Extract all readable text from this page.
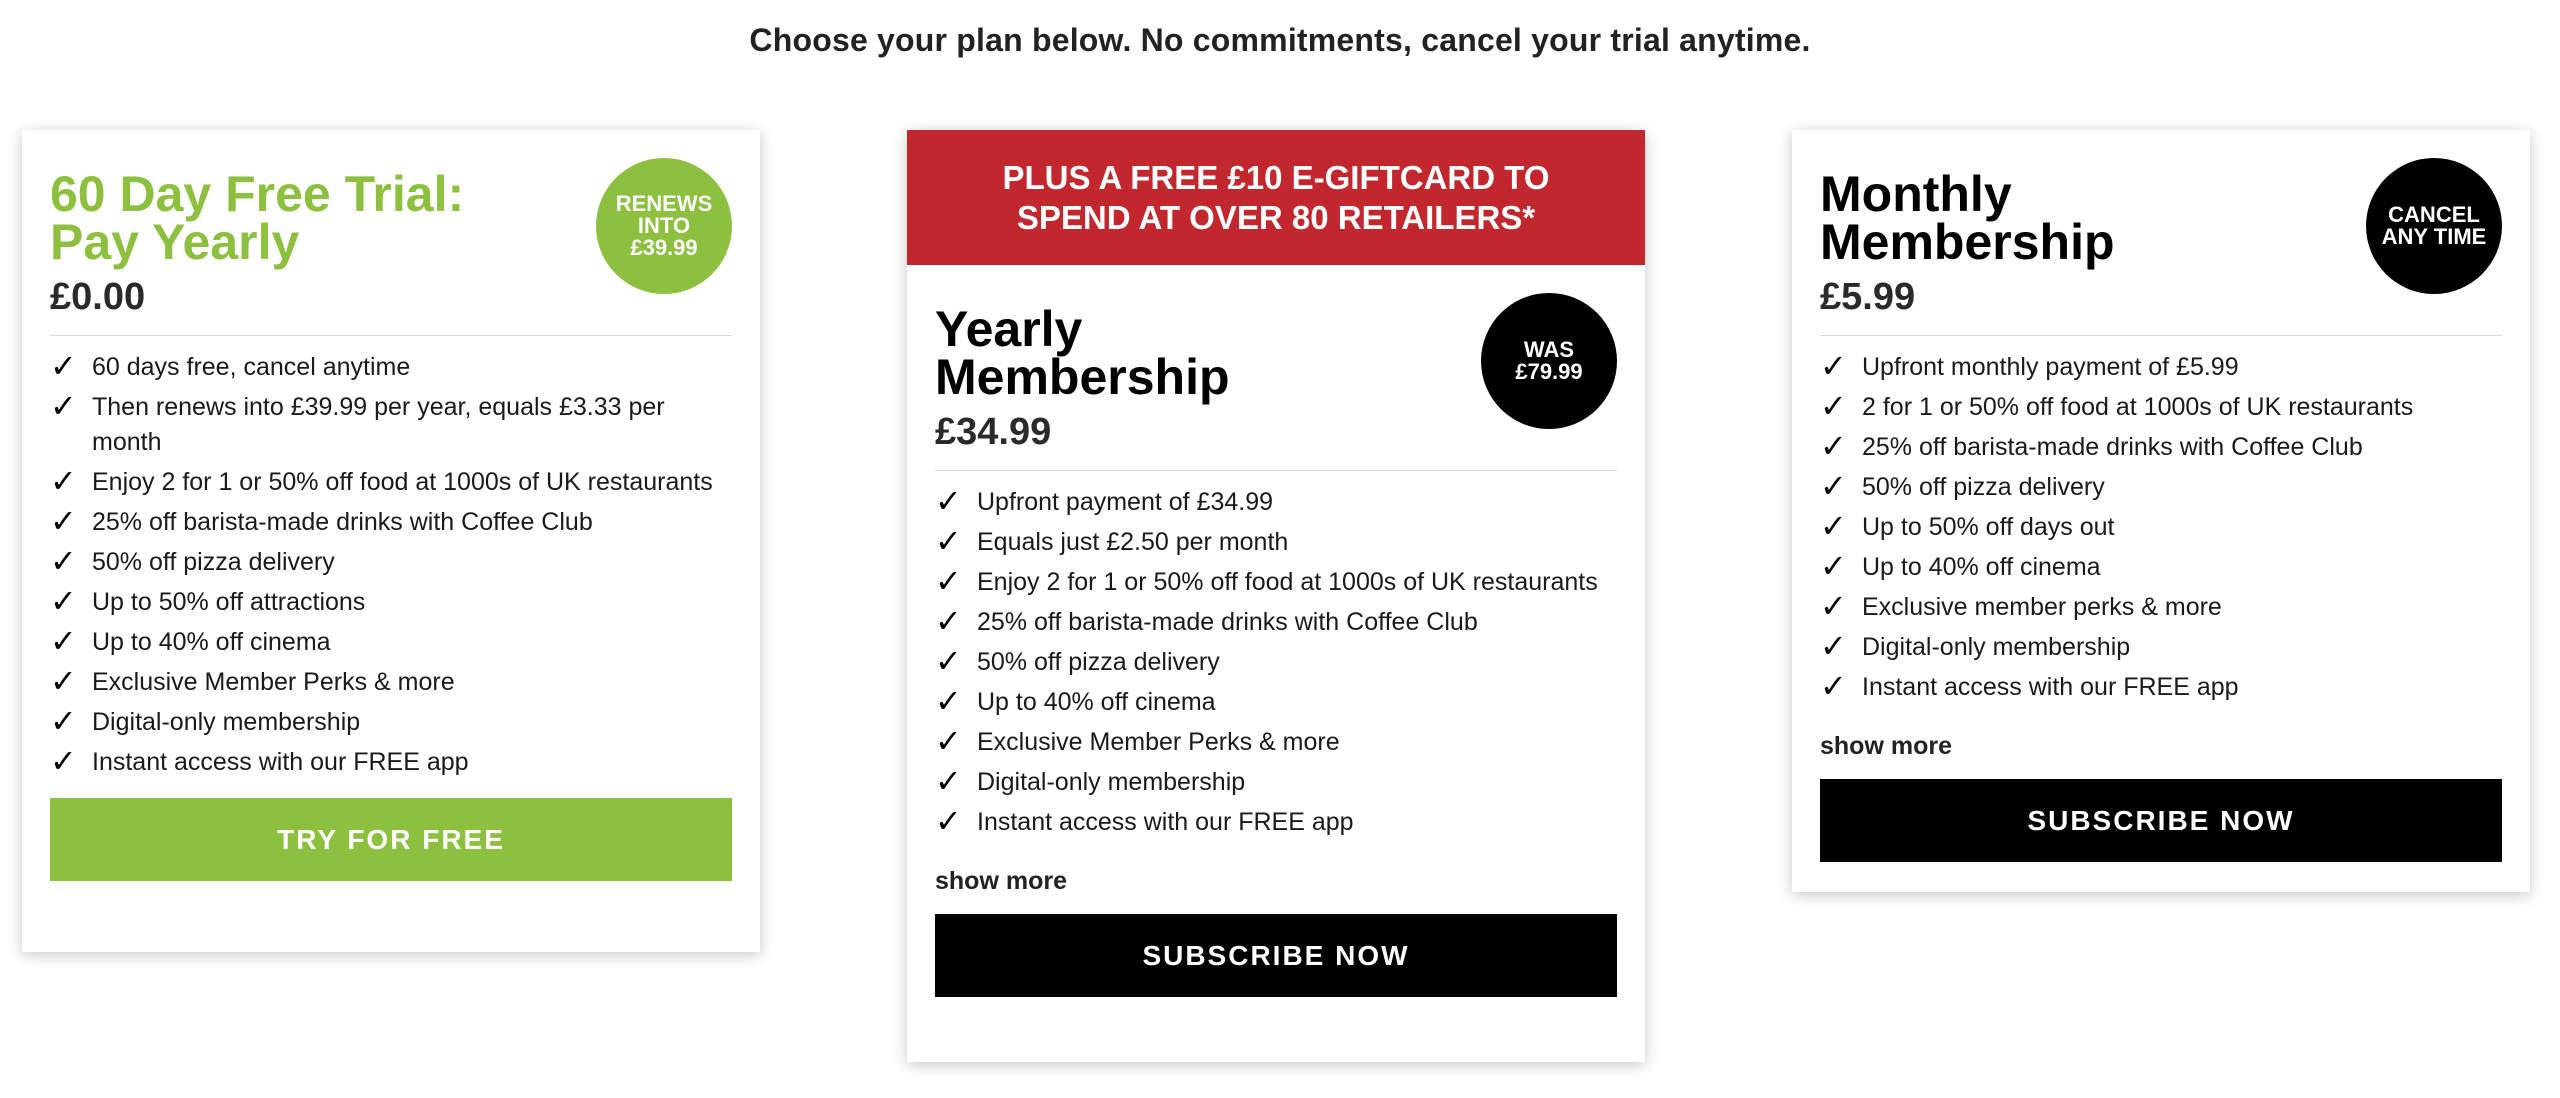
Choose your plan below. No commitments, cancel your trial anytime.
RENEWS
INTO
£39.99
60 Day Free Trial:
Pay Yearly
£0.00
✓ 60 days free, cancel anytime
✓ Then renews into £39.99 per year, equals £3.33 per month
✓ Enjoy 2 for 1 or 50% off food at 1000s of UK restaurants
✓ 25% off barista-made drinks with Coffee Club
✓ 50% off pizza delivery
✓ Up to 50% off attractions
✓ Up to 40% off cinema
✓ Exclusive Member Perks & more
✓ Digital-only membership
✓ Instant access with our FREE app
TRY FOR FREE
PLUS A FREE £10 E-GIFTCARD TO
SPEND AT OVER 80 RETAILERS*
WAS
£79.99
Yearly
Membership
£34.99
✓ Upfront payment of £34.99
✓ Equals just £2.50 per month
✓ Enjoy 2 for 1 or 50% off food at 1000s of UK restaurants
✓ 25% off barista-made drinks with Coffee Club
✓ 50% off pizza delivery
✓ Up to 40% off cinema
✓ Exclusive Member Perks & more
✓ Digital-only membership
✓ Instant access with our FREE app
show more
SUBSCRIBE NOW
CANCEL
ANY TIME
Monthly
Membership
£5.99
✓ Upfront monthly payment of £5.99
✓ 2 for 1 or 50% off food at 1000s of UK restaurants
✓ 25% off barista-made drinks with Coffee Club
✓ 50% off pizza delivery
✓ Up to 50% off days out
✓ Up to 40% off cinema
✓ Exclusive member perks & more
✓ Digital-only membership
✓ Instant access with our FREE app
show more
SUBSCRIBE NOW
